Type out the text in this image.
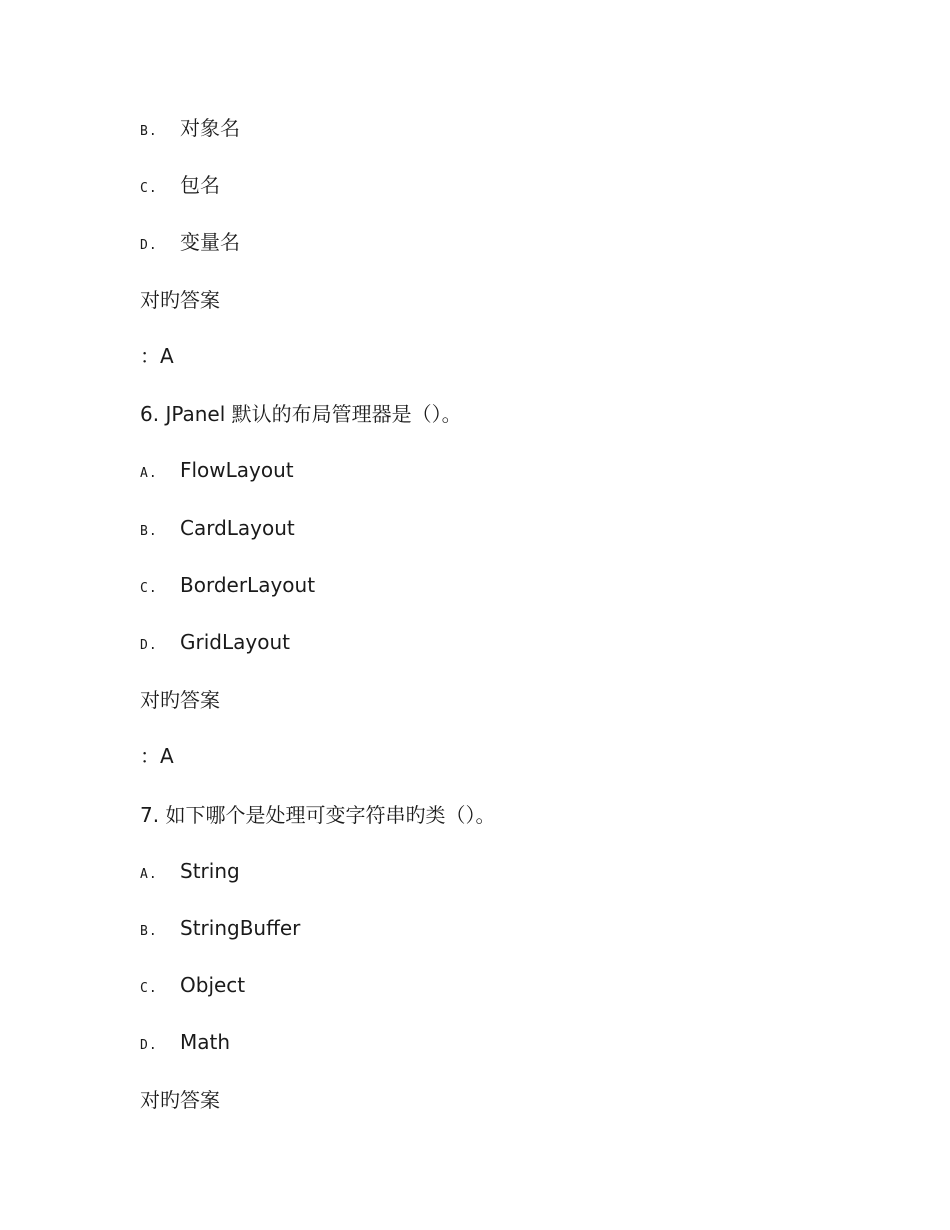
B. 对象名
C. 包名
D. 变量名
对旳答案
：A
6. JPanel 默认的布局管理器是（）。
A. FlowLayout
B. CardLayout
C. BorderLayout
D. GridLayout
对旳答案
：A
7. 如下哪个是处理可变字符串旳类（）。
A. String
B. StringBuffer
C. Object
D. Math
对旳答案
